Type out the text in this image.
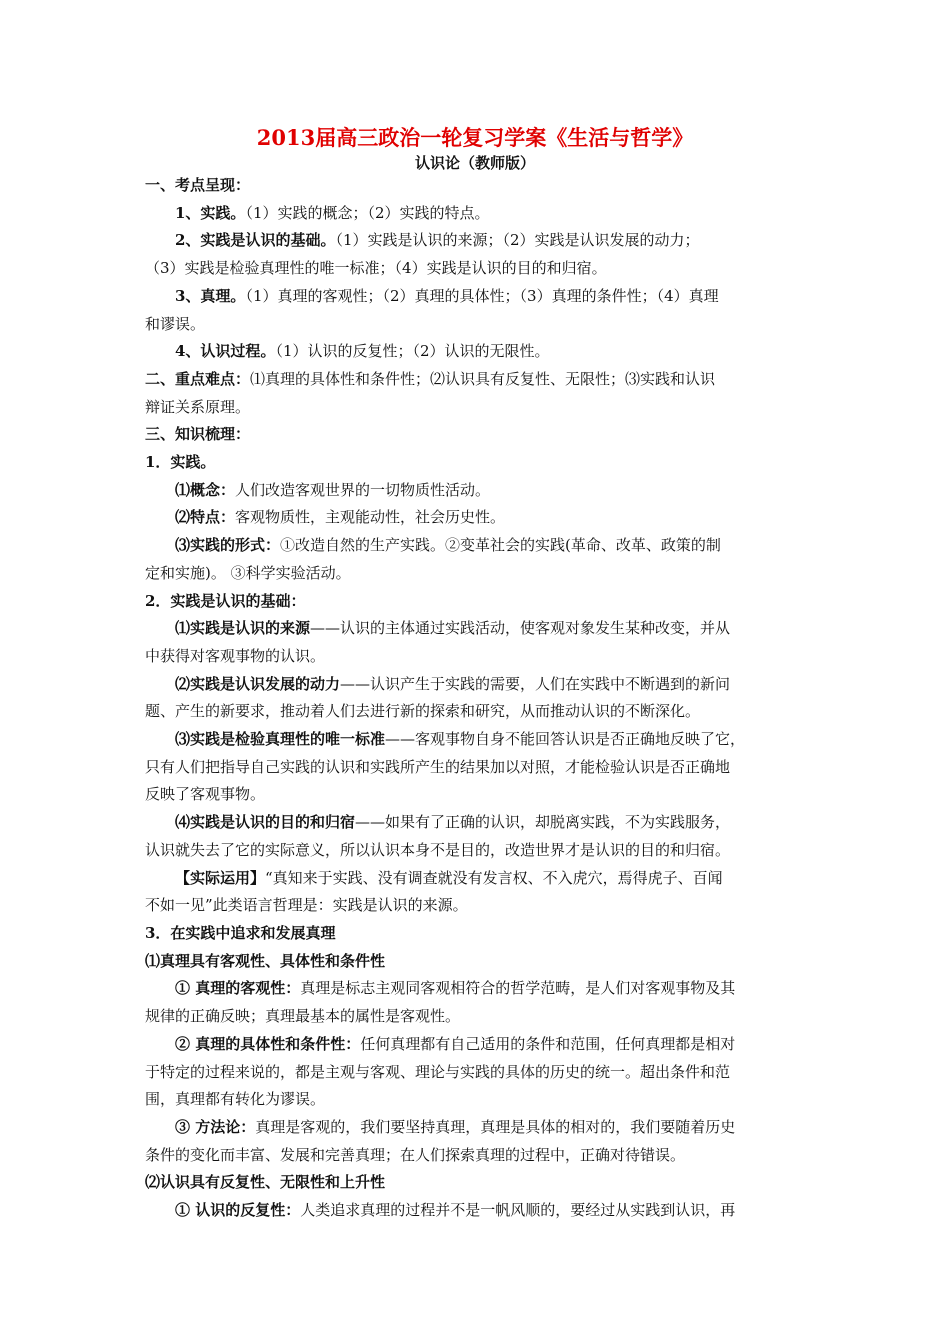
2013届高三政治一轮复习学案《生活与哲学》
认识论（教师版）

一、考点呈现：

1、实践。（1）实践的概念；（2）实践的特点。

2、实践是认识的基础。（1）实践是认识的来源；（2）实践是认识发展的动力；

（3）实践是检验真理性的唯一标准；（4）实践是认识的目的和归宿。

3、真理。（1）真理的客观性；（2）真理的具体性；（3）真理的条件性；（4）真理

和谬误。

4、认识过程。（1）认识的反复性；（2）认识的无限性。

二、重点难点：⑴真理的具体性和条件性；⑵认识具有反复性、无限性；⑶实践和认识

辩证关系原理。

三、知识梳理：

1．实践。

⑴概念：人们改造客观世界的一切物质性活动。

⑵特点：客观物质性，主观能动性，社会历史性。

⑶实践的形式：①改造自然的生产实践。②变革社会的实践(革命、改革、政策的制

定和实施)。 ③科学实验活动。

2．实践是认识的基础：

⑴实践是认识的来源——认识的主体通过实践活动，使客观对象发生某种改变，并从

中获得对客观事物的认识。

⑵实践是认识发展的动力——认识产生于实践的需要，人们在实践中不断遇到的新问

题、产生的新要求，推动着人们去进行新的探索和研究，从而推动认识的不断深化。

⑶实践是检验真理性的唯一标准——客观事物自身不能回答认识是否正确地反映了它，

只有人们把指导自己实践的认识和实践所产生的结果加以对照，才能检验认识是否正确地

反映了客观事物。

⑷实践是认识的目的和归宿——如果有了正确的认识，却脱离实践，不为实践服务，

认识就失去了它的实际意义，所以认识本身不是目的，改造世界才是认识的目的和归宿。

【实际运用】“真知来于实践、没有调查就没有发言权、不入虎穴，焉得虎子、百闻

不如一见”此类语言哲理是：实践是认识的来源。

3．在实践中追求和发展真理

⑴真理具有客观性、具体性和条件性

① 真理的客观性：真理是标志主观同客观相符合的哲学范畴，是人们对客观事物及其

规律的正确反映；真理最基本的属性是客观性。

② 真理的具体性和条件性：任何真理都有自己适用的条件和范围，任何真理都是相对

于特定的过程来说的，都是主观与客观、理论与实践的具体的历史的统一。超出条件和范

围，真理都有转化为谬误。

③ 方法论：真理是客观的，我们要坚持真理，真理是具体的相对的，我们要随着历史

条件的变化而丰富、发展和完善真理；在人们探索真理的过程中，正确对待错误。

⑵认识具有反复性、无限性和上升性

① 认识的反复性：人类追求真理的过程并不是一帆风顺的，要经过从实践到认识，再
